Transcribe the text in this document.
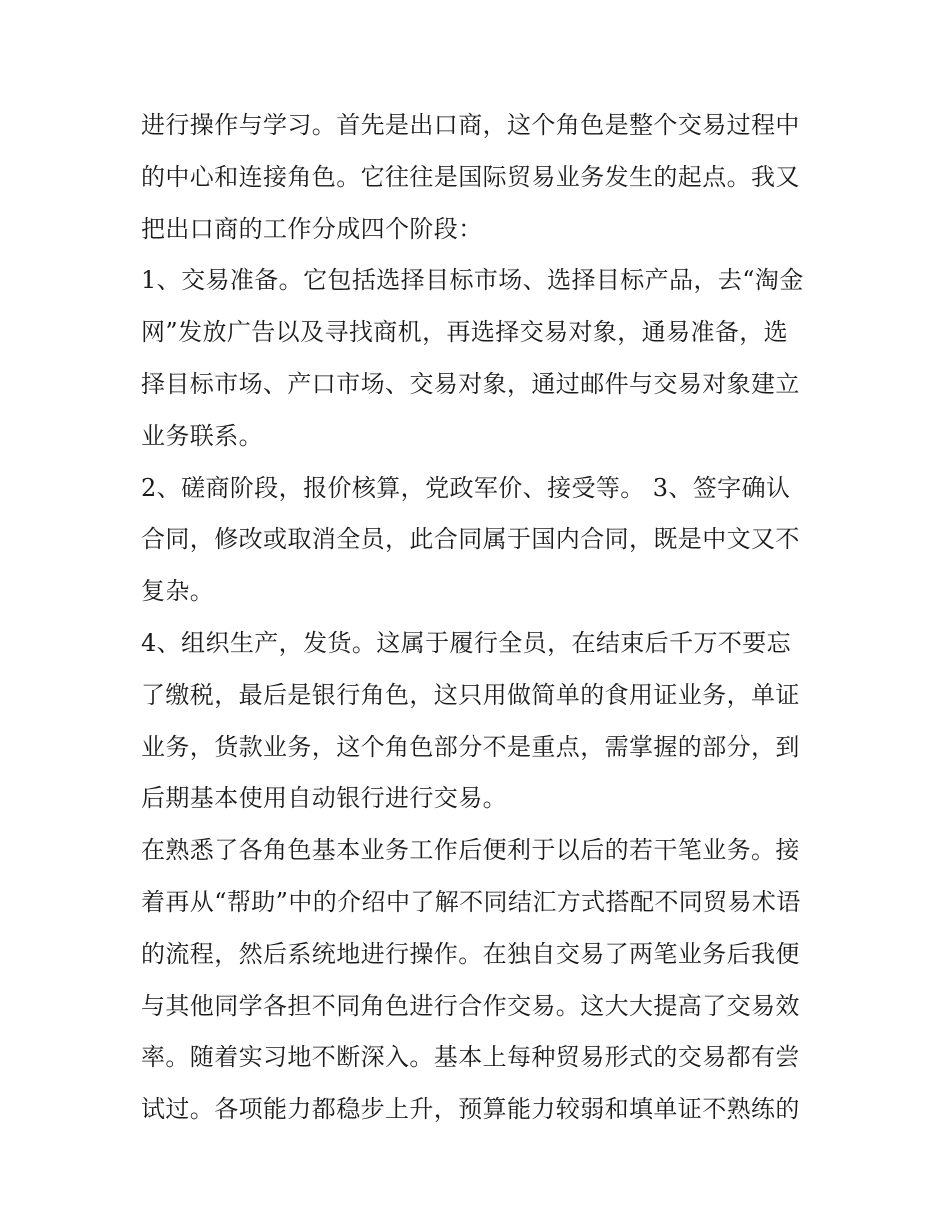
进行操作与学习。首先是出口商，这个角色是整个交易过程中
的中心和连接角色。它往往是国际贸易业务发生的起点。我又
把出口商的工作分成四个阶段：
1、交易准备。它包括选择目标市场、选择目标产品，去“淘金
网”发放广告以及寻找商机，再选择交易对象，通易准备，选
择目标市场、产口市场、交易对象，通过邮件与交易对象建立
业务联系。
2、磋商阶段，报价核算，党政军价、接受等。 3、签字确认
合同，修改或取消全员，此合同属于国内合同，既是中文又不
复杂。
4、组织生产，发货。这属于履行全员，在结束后千万不要忘
了缴税，最后是银行角色，这只用做简单的食用证业务，单证
业务，货款业务，这个角色部分不是重点，需掌握的部分，到
后期基本使用自动银行进行交易。
在熟悉了各角色基本业务工作后便利于以后的若干笔业务。接
着再从“帮助”中的介绍中了解不同结汇方式搭配不同贸易术语
的流程，然后系统地进行操作。在独自交易了两笔业务后我便
与其他同学各担不同角色进行合作交易。这大大提高了交易效
率。随着实习地不断深入。基本上每种贸易形式的交易都有尝
试过。各项能力都稳步上升，预算能力较弱和填单证不熟练的
